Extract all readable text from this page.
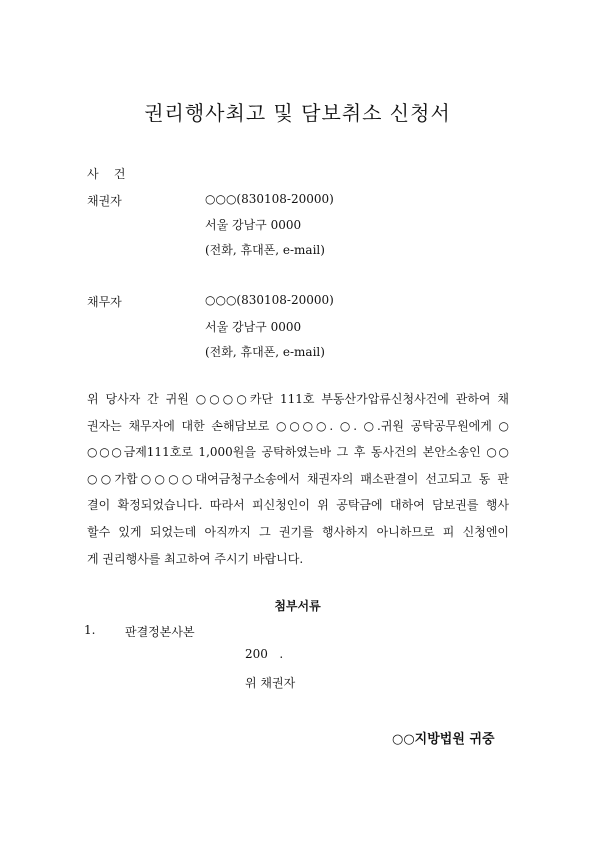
권리행사최고 및 담보취소 신청서
사    건
채권자	○○○(830108-20000)
서울 강남구 0000
(전화, 휴대폰, e-mail)
채무자	○○○(830108-20000)
서울 강남구 0000
(전화, 휴대폰, e-mail)
위 당사자 간 귀원 ○○○○카단 111호 부동산가압류신청사건에 관하여 채
권자는 채무자에 대한 손해담보로 ○○○○. ○. ○.귀원 공탁공무원에게 ○
○○○금제111호로 1,000원을 공탁하였는바 그 후 동사건의 본안소송인 ○○
○○가합○○○○대여금청구소송에서 채권자의 패소판결이 선고되고 동 판
결이 확정되었습니다. 따라서 피신청인이 위 공탁금에 대하여 담보권를 행사
할수 있게 되었는데 아직까지 그 권기를 행사하지 아니하므로 피 신청엔이
게 권리행사를 최고하여 주시기 바랍니다.
첨부서류
1. 판결정본사본
200   .
위 채권자
○○지방법원 귀중
